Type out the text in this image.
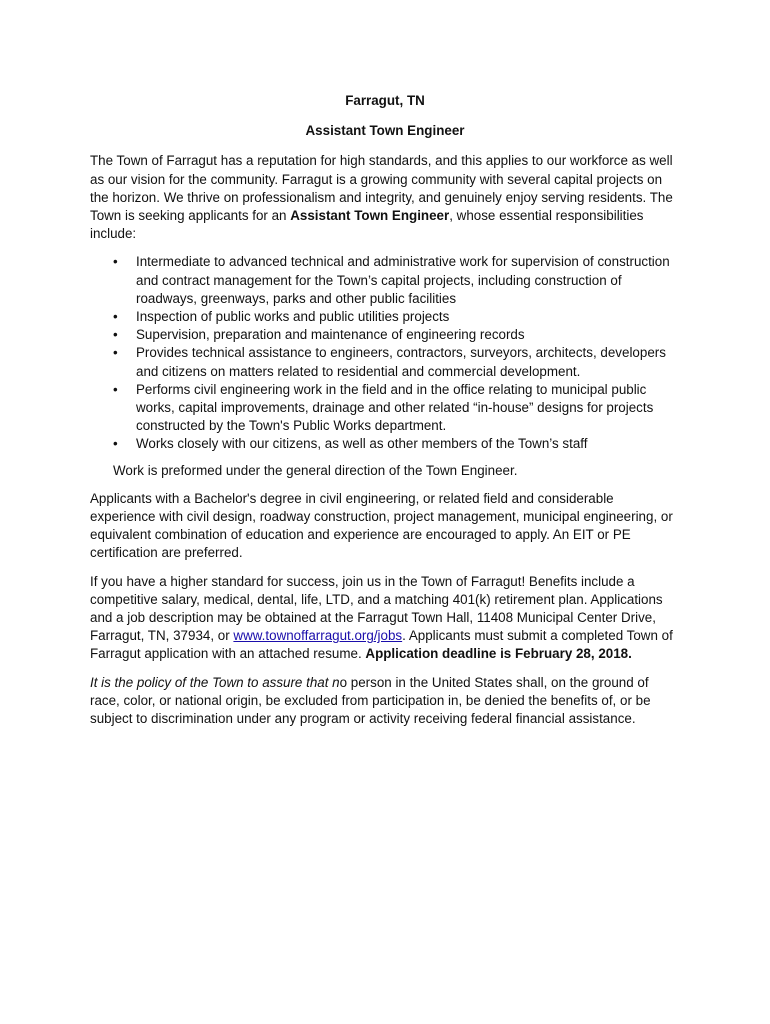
Farragut, TN
Assistant Town Engineer

The Town of Farragut has a reputation for high standards, and this applies to our workforce as well as our vision for the community. Farragut is a growing community with several capital projects on the horizon. We thrive on professionalism and integrity, and genuinely enjoy serving residents. The Town is seeking applicants for an Assistant Town Engineer, whose essential responsibilities include:

• Intermediate to advanced technical and administrative work for supervision of construction and contract management for the Town’s capital projects, including construction of roadways, greenways, parks and other public facilities
• Inspection of public works and public utilities projects
• Supervision, preparation and maintenance of engineering records
• Provides technical assistance to engineers, contractors, surveyors, architects, developers and citizens on matters related to residential and commercial development.
• Performs civil engineering work in the field and in the office relating to municipal public works, capital improvements, drainage and other related “in-house” designs for projects constructed by the Town's Public Works department.
• Works closely with our citizens, as well as other members of the Town’s staff

Work is preformed under the general direction of the Town Engineer.

Applicants with a Bachelor's degree in civil engineering, or related field and considerable experience with civil design, roadway construction, project management, municipal engineering, or equivalent combination of education and experience are encouraged to apply. An EIT or PE certification are preferred.

If you have a higher standard for success, join us in the Town of Farragut! Benefits include a competitive salary, medical, dental, life, LTD, and a matching 401(k) retirement plan. Applications and a job description may be obtained at the Farragut Town Hall, 11408 Municipal Center Drive, Farragut, TN, 37934, or www.townoffarragut.org/jobs. Applicants must submit a completed Town of Farragut application with an attached resume. Application deadline is February 28, 2018.

It is the policy of the Town to assure that no person in the United States shall, on the ground of race, color, or national origin, be excluded from participation in, be denied the benefits of, or be subject to discrimination under any program or activity receiving federal financial assistance.
